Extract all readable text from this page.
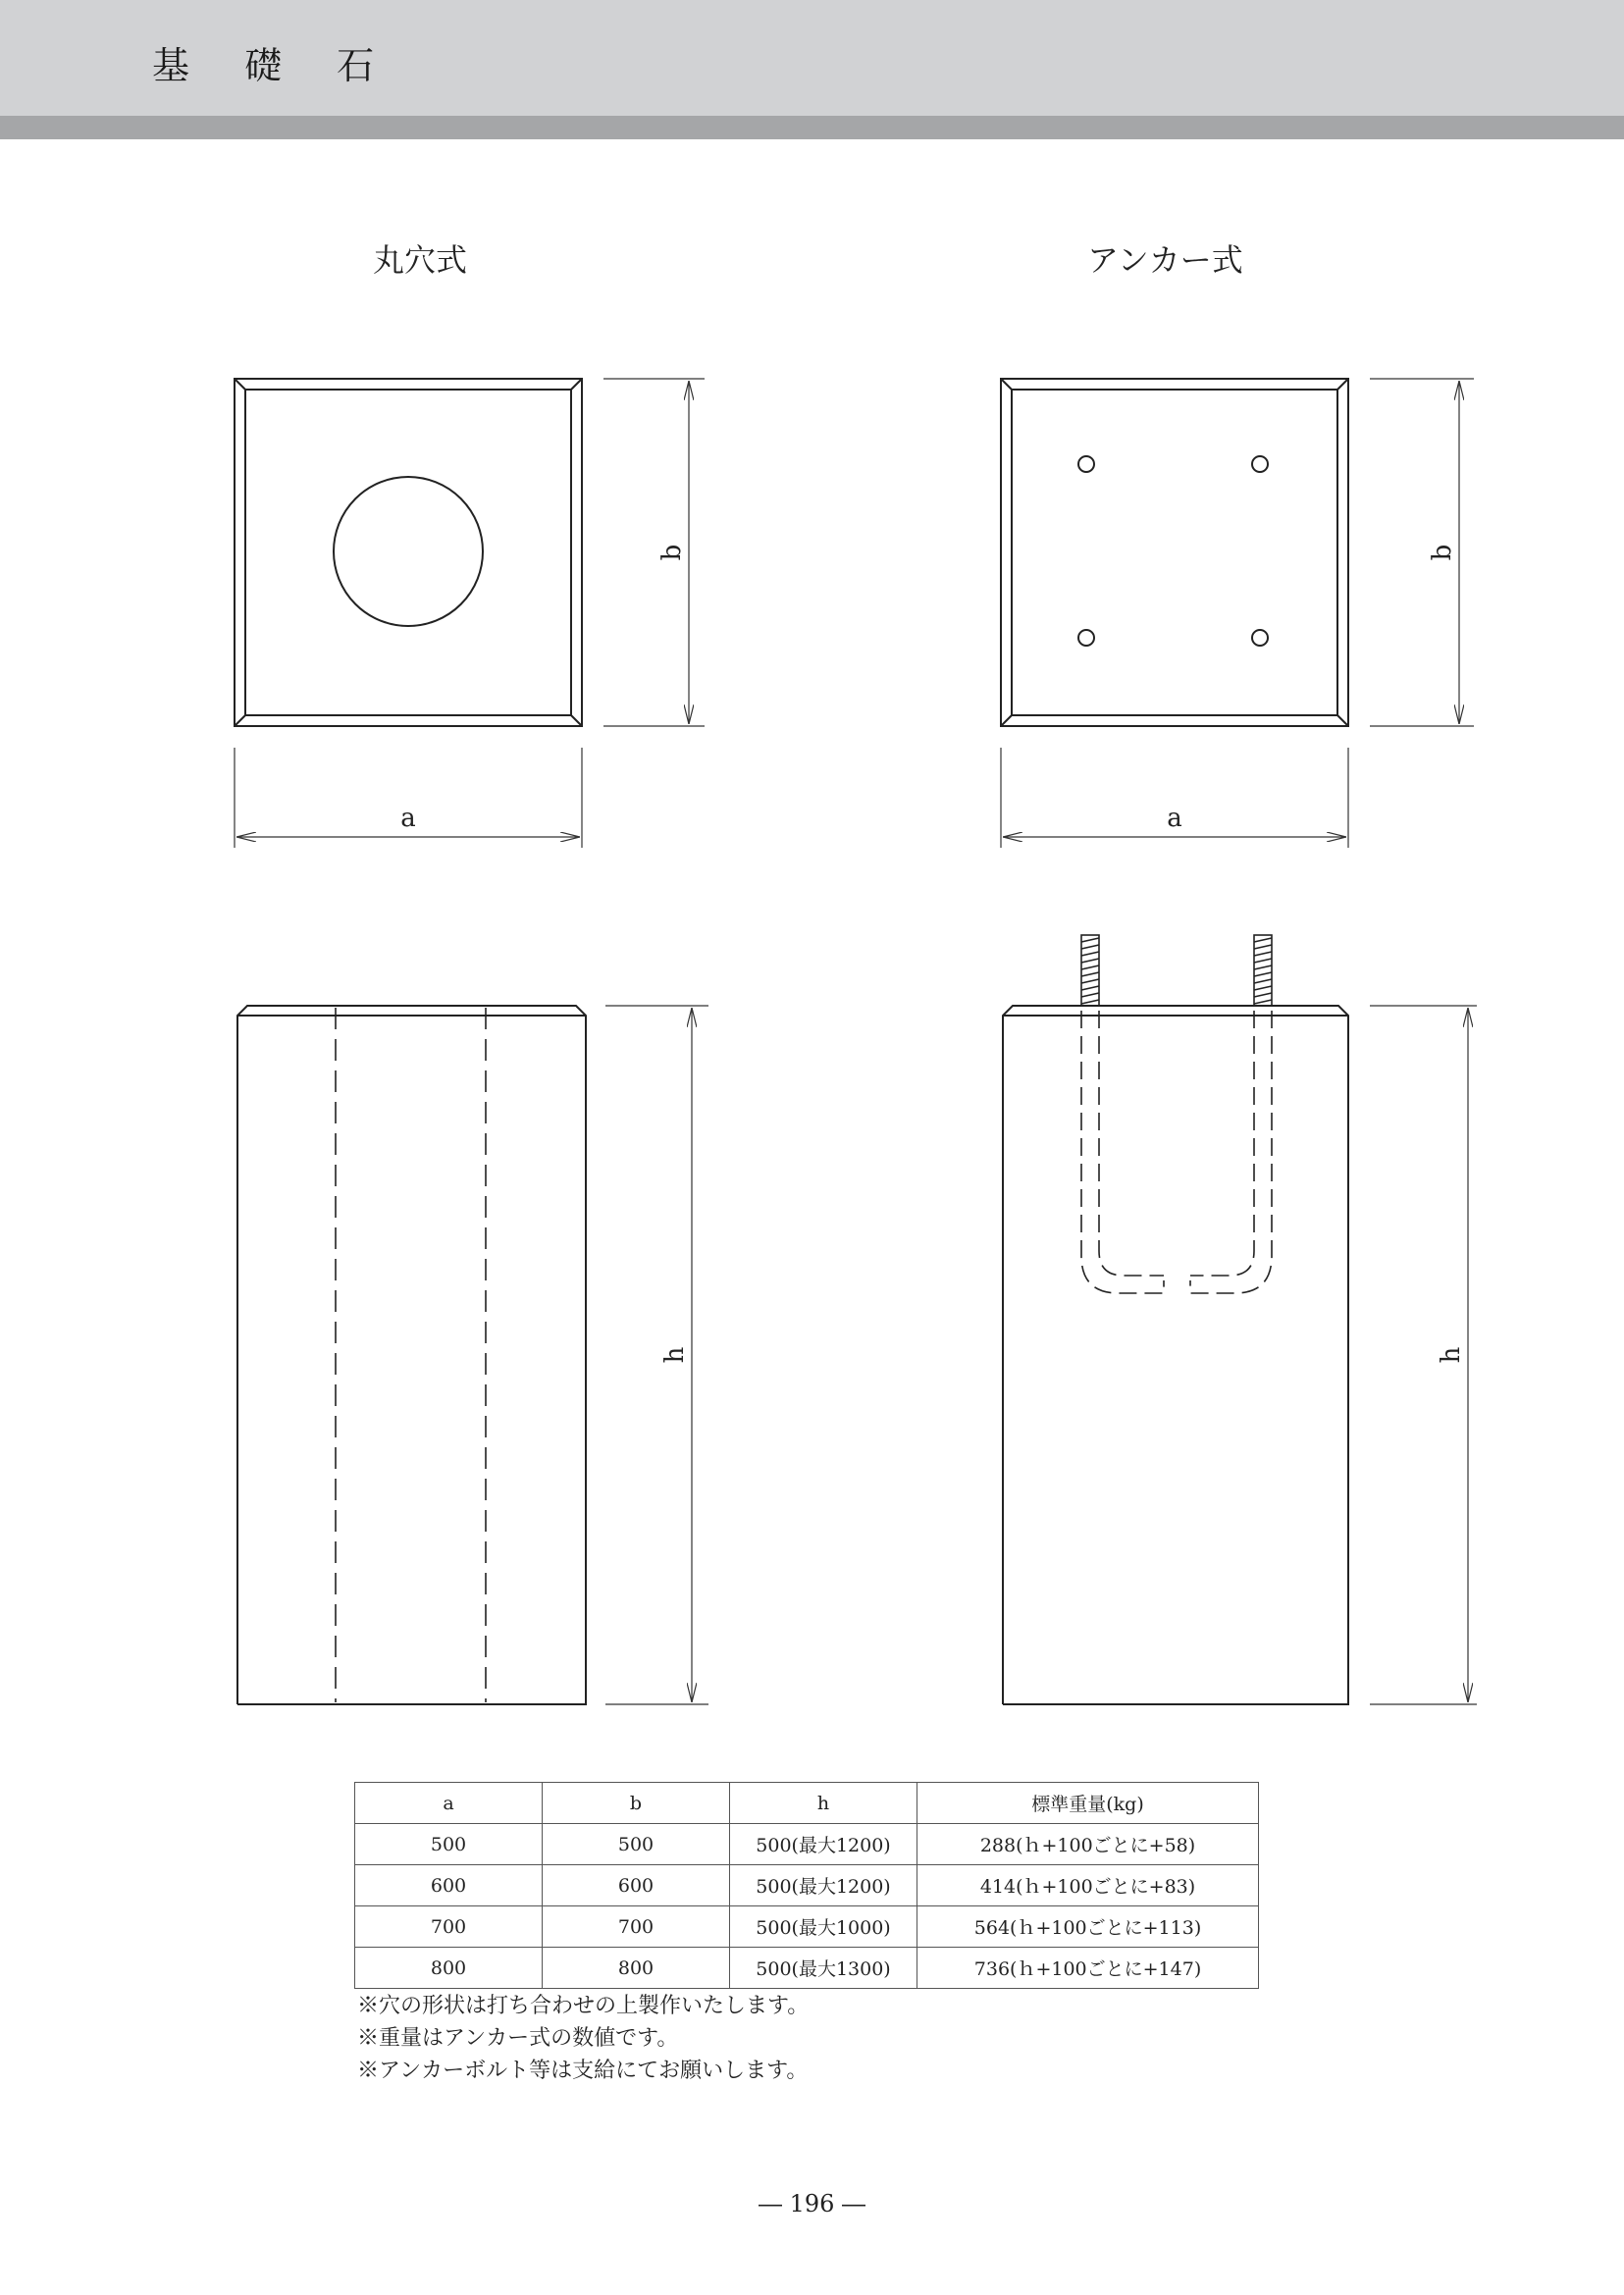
基 礎 石
丸穴式	アンカー式
b
a
b
a
h	h
a	b	h	標準重量(kg)
500	500	500(最大1200)	288(ｈ+100ごとに+58)
600	600	500(最大1200)	414(ｈ+100ごとに+83)
700	700	500(最大1000)	564(ｈ+100ごとに+113)
800	800	500(最大1300)	736(ｈ+100ごとに+147)
※穴の形状は打ち合わせの上製作いたします。
※重量はアンカー式の数値です。
※アンカーボルト等は支給にてお願いします。
― 196 ―
